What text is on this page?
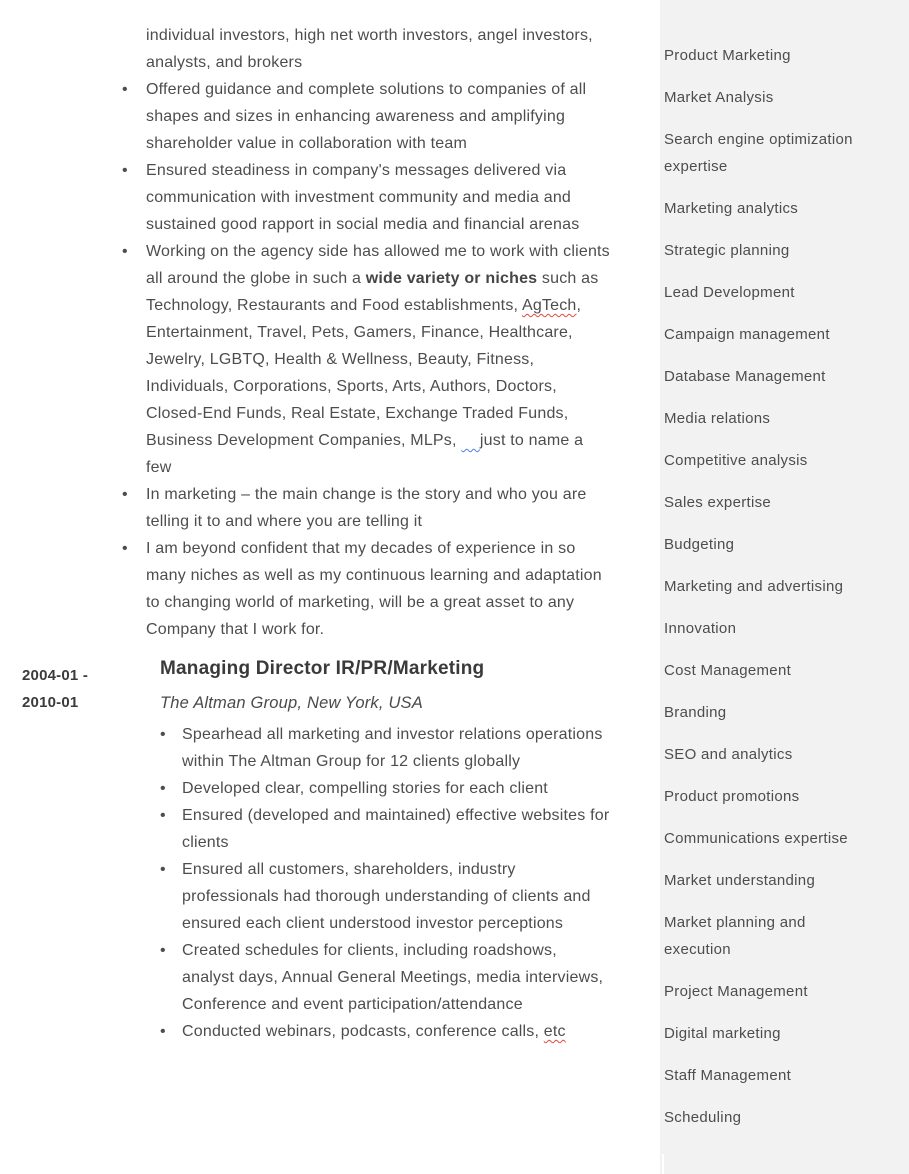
Product Marketing
Market Analysis
Search engine optimization expertise
Marketing analytics
Strategic planning
Lead Development
Campaign management
Database Management
Media relations
Competitive analysis
Sales expertise
Budgeting
Marketing and advertising
Innovation
Cost Management
Branding
SEO and analytics
Product promotions
Communications expertise
Market understanding
Market planning and execution
Project Management
Digital marketing
Staff Management
Scheduling
individual investors, high net worth investors, angel investors, analysts, and brokers
•	Offered guidance and complete solutions to companies of all shapes and sizes in enhancing awareness and amplifying shareholder value in collaboration with team
•	Ensured steadiness in company's messages delivered via communication with investment community and media and sustained good rapport in social media and financial arenas
•	Working on the agency side has allowed me to work with clients all around the globe in such a wide variety or niches such as Technology, Restaurants and Food establishments, AgTech, Entertainment, Travel, Pets, Gamers, Finance, Healthcare, Jewelry, LGBTQ, Health & Wellness, Beauty, Fitness, Individuals, Corporations, Sports, Arts, Authors, Doctors, Closed-End Funds, Real Estate, Exchange Traded Funds, Business Development Companies, MLPs,     just to name a few
•	In marketing – the main change is the story and who you are telling it to and where you are telling it
•	I am beyond confident that my decades of experience in so many niches as well as my continuous learning and adaptation to changing world of marketing, will be a great asset to any Company that I work for.
2004-01 -
2010-01
Managing Director IR/PR/Marketing
The Altman Group, New York, USA
•	Spearhead all marketing and investor relations operations within The Altman Group for 12 clients globally
•	Developed clear, compelling stories for each client
•	Ensured (developed and maintained) effective websites for clients
•	Ensured all customers, shareholders, industry professionals had thorough understanding of clients and ensured each client understood investor perceptions
•	Created schedules for clients, including roadshows, analyst days, Annual General Meetings, media interviews, Conference and event participation/attendance
•	Conducted webinars, podcasts, conference calls, etc
